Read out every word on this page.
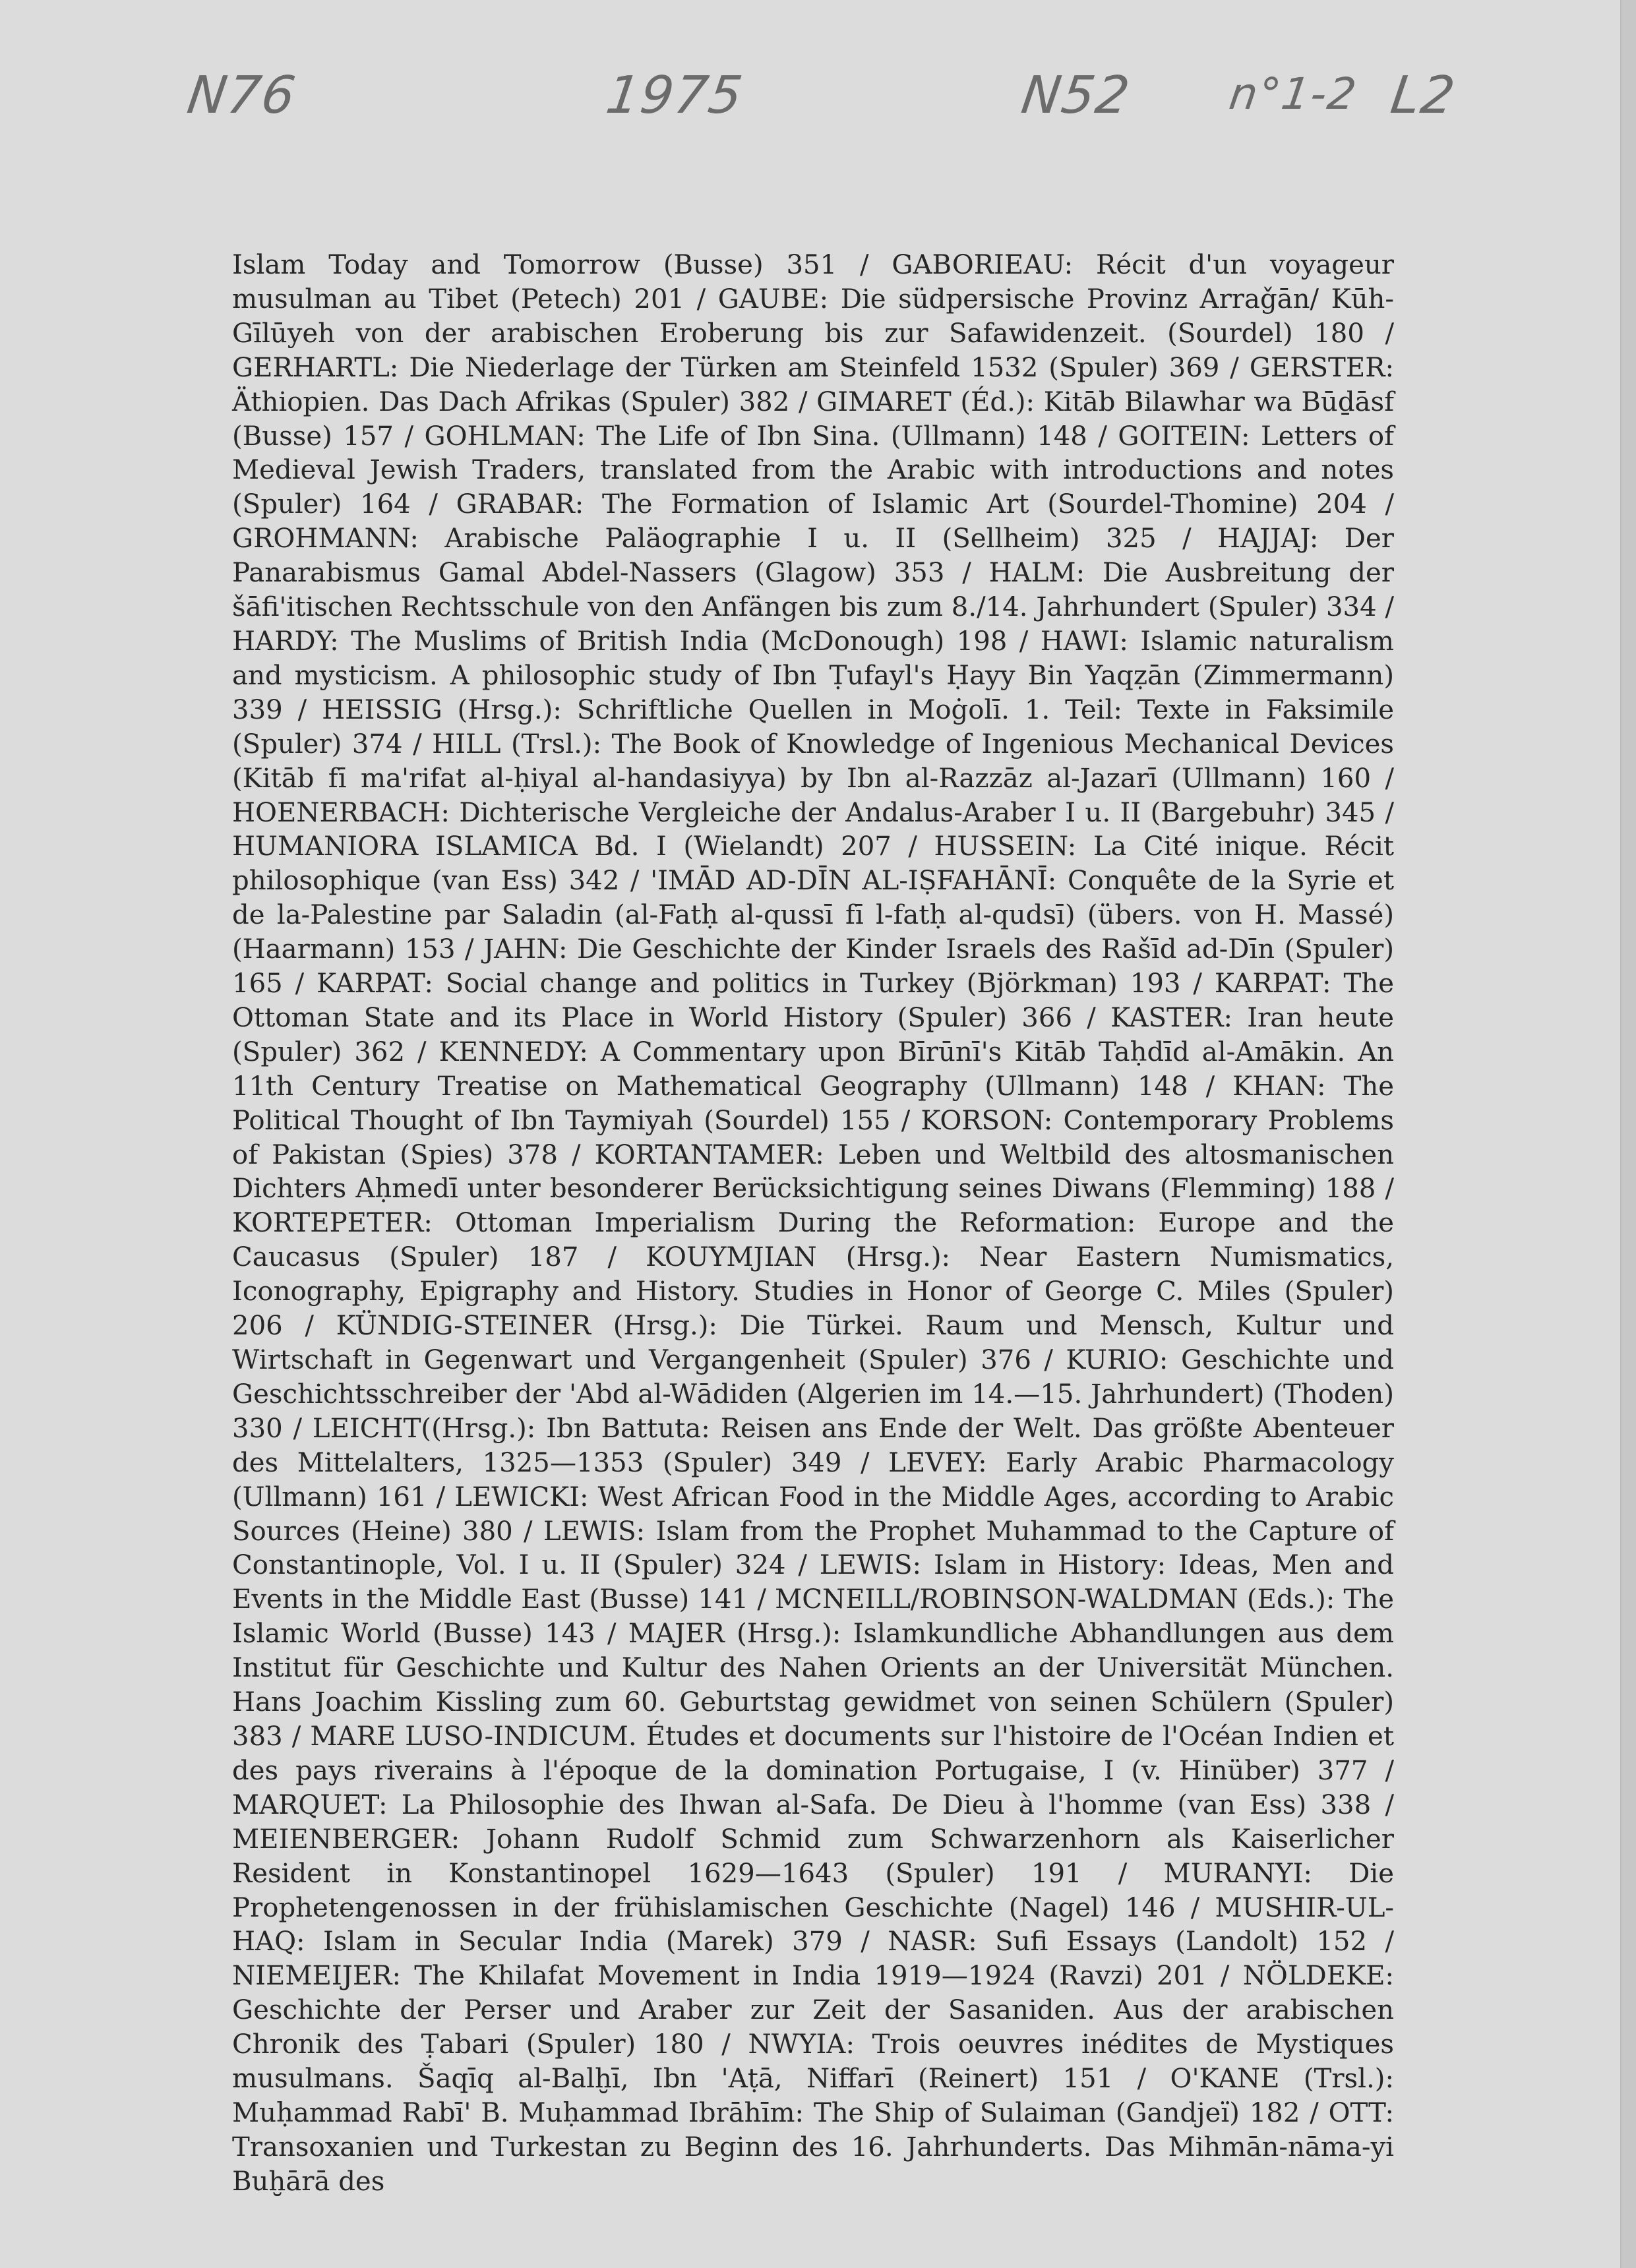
N76	1975	N52 n°1-2 L2

Islam Today and Tomorrow (Busse) 351 / GABORIEAU: Récit d'un voyageur musulman au Tibet (Petech) 201 / GAUBE: Die südpersische Provinz Arraǧān/ Kūh-Gīlūyeh von der arabischen Eroberung bis zur Safawidenzeit. (Sourdel) 180 / GERHARTL: Die Niederlage der Türken am Steinfeld 1532 (Spuler) 369 / GERSTER: Äthiopien. Das Dach Afrikas (Spuler) 382 / GIMARET (Éd.): Kitāb Bilawhar wa Būḏāsf (Busse) 157 / GOHLMAN: The Life of Ibn Sina. (Ullmann) 148 / GOITEIN: Letters of Medieval Jewish Traders, translated from the Arabic with introductions and notes (Spuler) 164 / GRABAR: The Formation of Islamic Art (Sourdel-Thomine) 204 / GROHMANN: Arabische Paläographie I u. II (Sellheim) 325 / HAJJAJ: Der Panarabismus Gamal Abdel-Nassers (Glagow) 353 / HALM: Die Ausbreitung der šāfi'itischen Rechtsschule von den Anfängen bis zum 8./14. Jahrhundert (Spuler) 334 / HARDY: The Muslims of British India (McDonough) 198 / HAWI: Islamic naturalism and mysticism. A philosophic study of Ibn Ṭufayl's Ḥayy Bin Yaqẓān (Zimmermann) 339 / HEISSIG (Hrsg.): Schriftliche Quellen in Moġolī. 1. Teil: Texte in Faksimile (Spuler) 374 / HILL (Trsl.): The Book of Knowledge of Ingenious Mechanical Devices (Kitāb fī ma'rifat al-ḥiyal al-handasiyya) by Ibn al-Razzāz al-Jazarī (Ullmann) 160 / HOENERBACH: Dichterische Vergleiche der Andalus-Araber I u. II (Bargebuhr) 345 / HUMANIORA ISLAMICA Bd. I (Wielandt) 207 / HUSSEIN: La Cité inique. Récit philosophique (van Ess) 342 / 'IMĀD AD-DĪN AL-IṢFAHĀNĪ: Conquête de la Syrie et de la-Palestine par Saladin (al-Fatḥ al-qussī fī l-fatḥ al-qudsī) (übers. von H. Massé) (Haarmann) 153 / JAHN: Die Geschichte der Kinder Israels des Rašīd ad-Dīn (Spuler) 165 / KARPAT: Social change and politics in Turkey (Björkman) 193 / KARPAT: The Ottoman State and its Place in World History (Spuler) 366 / KASTER: Iran heute (Spuler) 362 / KENNEDY: A Commentary upon Bīrūnī's Kitāb Taḥdīd al-Amākin. An 11th Century Treatise on Mathematical Geography (Ullmann) 148 / KHAN: The Political Thought of Ibn Taymiyah (Sourdel) 155 / KORSON: Contemporary Problems of Pakistan (Spies) 378 / KORTANTAMER: Leben und Weltbild des altosmanischen Dichters Aḥmedī unter besonderer Berücksichtigung seines Diwans (Flemming) 188 / KORTEPETER: Ottoman Imperialism During the Reformation: Europe and the Caucasus (Spuler) 187 / KOUYMJIAN (Hrsg.): Near Eastern Numismatics, Iconography, Epigraphy and History. Studies in Honor of George C. Miles (Spuler) 206 / KÜNDIG-STEINER (Hrsg.): Die Türkei. Raum und Mensch, Kultur und Wirtschaft in Gegenwart und Vergangenheit (Spuler) 376 / KURIO: Geschichte und Geschichtsschreiber der 'Abd al-Wādiden (Algerien im 14.—15. Jahrhundert) (Thoden) 330 / LEICHT((Hrsg.): Ibn Battuta: Reisen ans Ende der Welt. Das größte Abenteuer des Mittelalters, 1325—1353 (Spuler) 349 / LEVEY: Early Arabic Pharmacology (Ullmann) 161 / LEWICKI: West African Food in the Middle Ages, according to Arabic Sources (Heine) 380 / LEWIS: Islam from the Prophet Muhammad to the Capture of Constantinople, Vol. I u. II (Spuler) 324 / LEWIS: Islam in History: Ideas, Men and Events in the Middle East (Busse) 141 / MCNEILL/ROBINSON-WALDMAN (Eds.): The Islamic World (Busse) 143 / MAJER (Hrsg.): Islamkundliche Abhandlungen aus dem Institut für Geschichte und Kultur des Nahen Orients an der Universität München. Hans Joachim Kissling zum 60. Geburtstag gewidmet von seinen Schülern (Spuler) 383 / MARE LUSO-INDICUM. Études et documents sur l'histoire de l'Océan Indien et des pays riverains à l'époque de la domination Portugaise, I (v. Hinüber) 377 / MARQUET: La Philosophie des Ihwan al-Safa. De Dieu à l'homme (van Ess) 338 / MEIENBERGER: Johann Rudolf Schmid zum Schwarzenhorn als Kaiserlicher Resident in Konstantinopel 1629—1643 (Spuler) 191 / MURANYI: Die Prophetengenossen in der frühislamischen Geschichte (Nagel) 146 / MUSHIR-UL-HAQ: Islam in Secular India (Marek) 379 / NASR: Sufi Essays (Landolt) 152 / NIEMEIJER: The Khilafat Movement in India 1919—1924 (Ravzi) 201 / NÖLDEKE: Geschichte der Perser und Araber zur Zeit der Sasaniden. Aus der arabischen Chronik des Ṭabari (Spuler) 180 / NWYIA: Trois oeuvres inédites de Mystiques musulmans. Šaqīq al-Balḫī, Ibn 'Aṭā, Niffarī (Reinert) 151 / O'KANE (Trsl.): Muḥammad Rabī' B. Muḥammad Ibrāhīm: The Ship of Sulaiman (Gandjeï) 182 / OTT: Transoxanien und Turkestan zu Beginn des 16. Jahrhunderts. Das Mihmān-nāma-yi Buḫārā des
